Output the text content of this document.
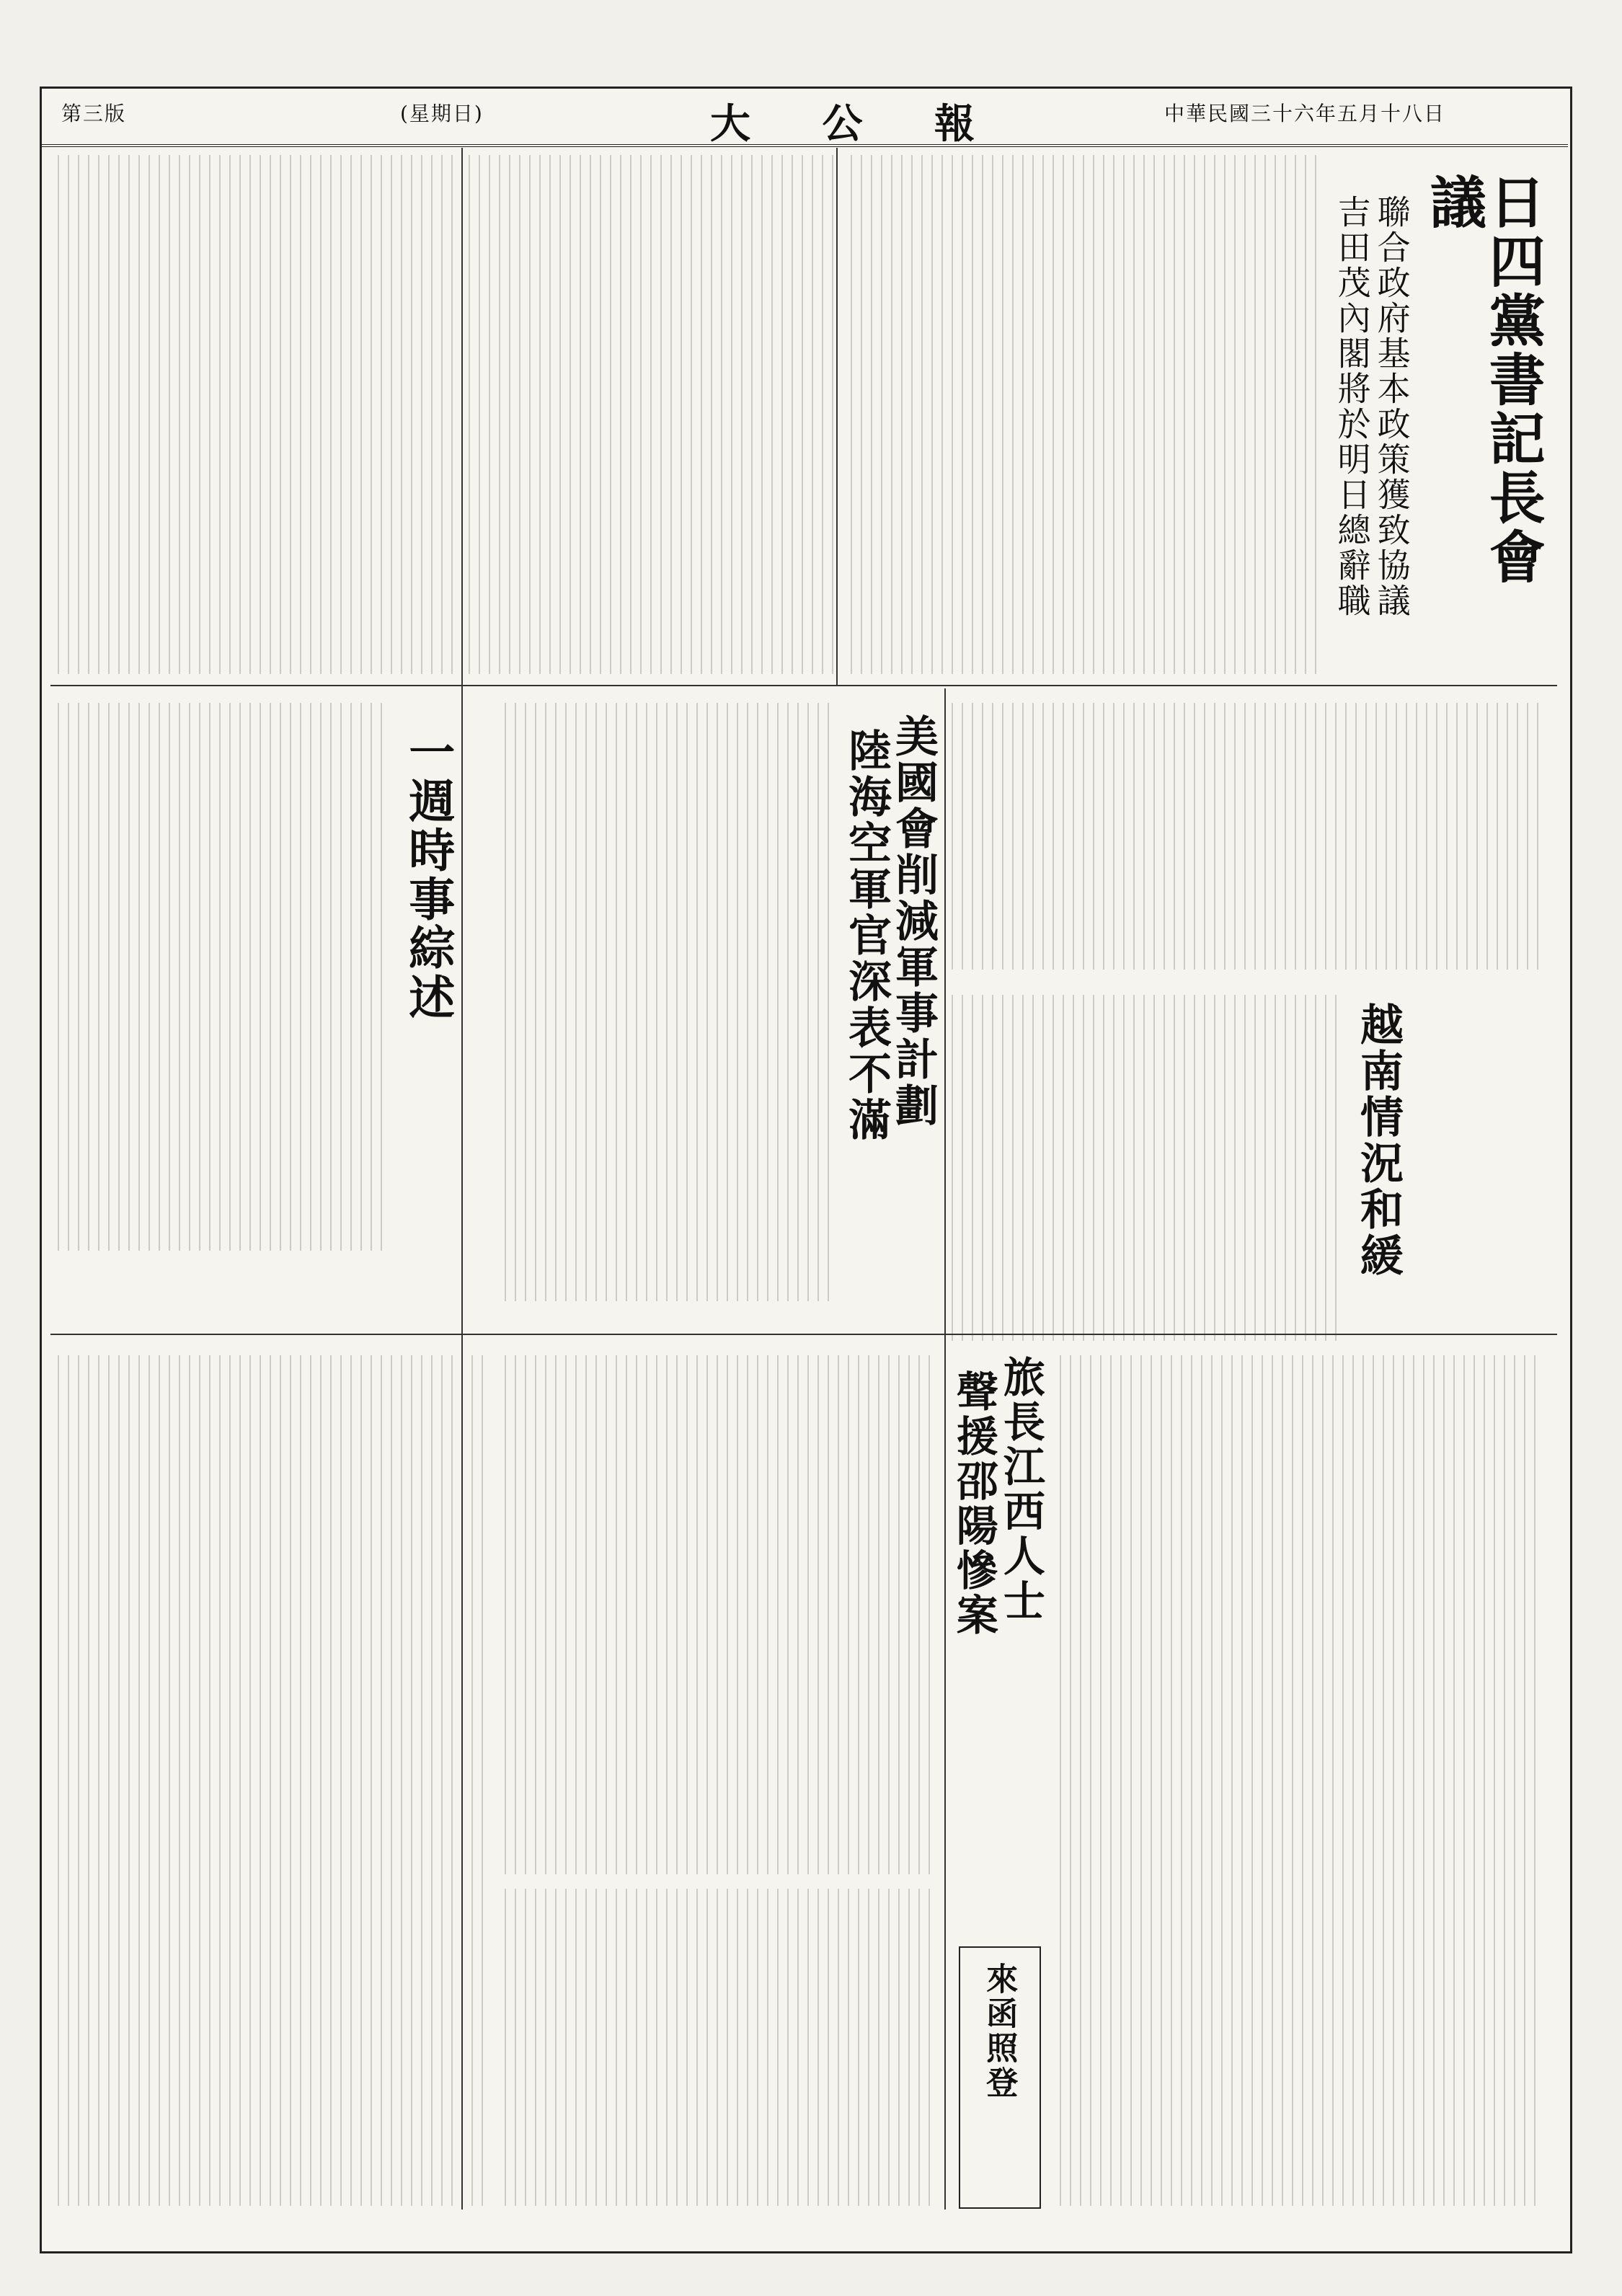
中華民國三十六年五月十八日
大 公 報
(星期日)
第三版
日四黨書記長會議
聯合政府基本政策獲致協議
吉田茂內閣將於明日總辭職
美國會削減軍事計劃
陸海空軍官深表不滿	越南情況和緩
一週時事綜述
旅長江西人士
聲援邵陽慘案
來函照登
